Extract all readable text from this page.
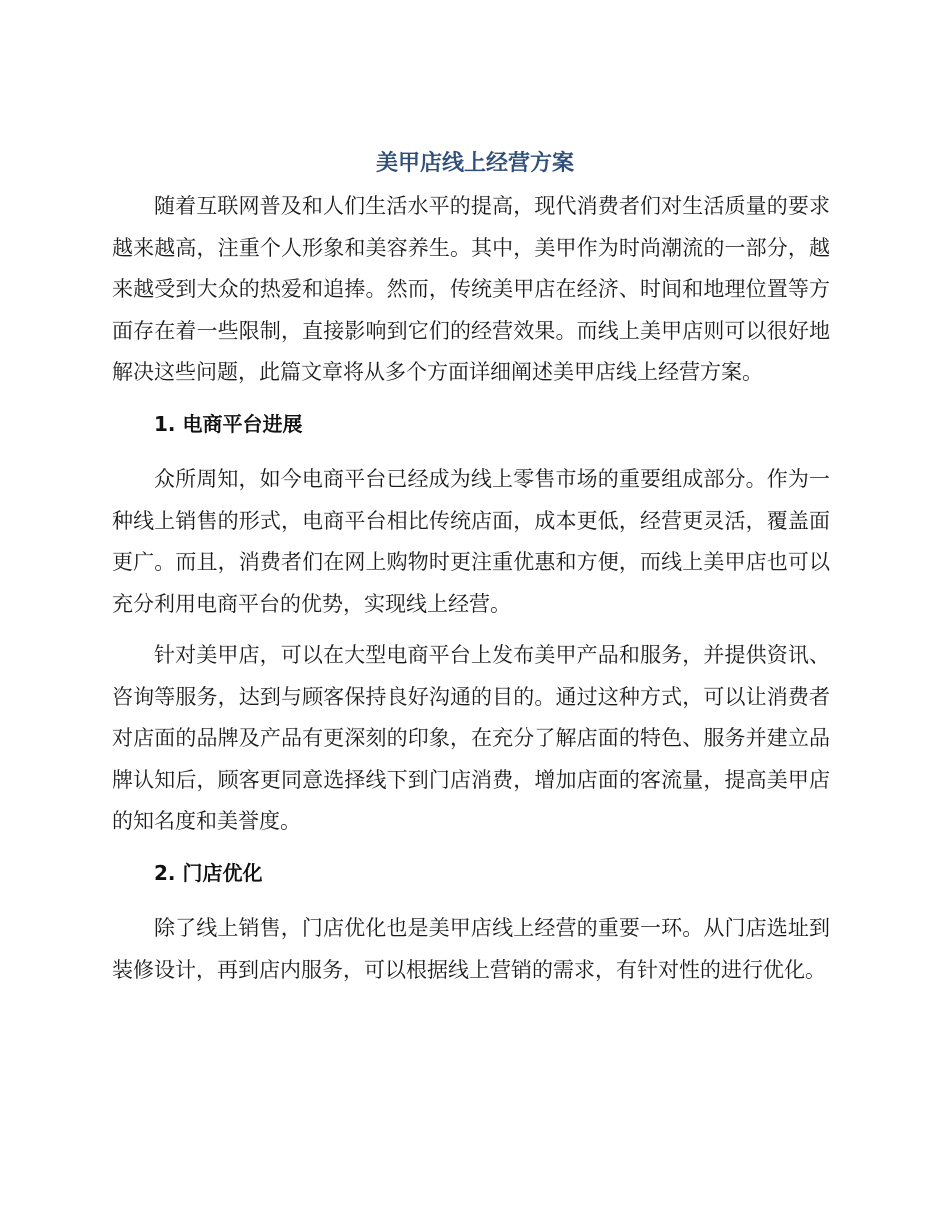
美甲店线上经营方案

随着互联网普及和人们生活水平的提高，现代消费者们对生活质量的要求越来越高，注重个人形象和美容养生。其中，美甲作为时尚潮流的一部分，越来越受到大众的热爱和追捧。然而，传统美甲店在经济、时间和地理位置等方面存在着一些限制，直接影响到它们的经营效果。而线上美甲店则可以很好地解决这些问题，此篇文章将从多个方面详细阐述美甲店线上经营方案。

1. 电商平台进展

众所周知，如今电商平台已经成为线上零售市场的重要组成部分。作为一种线上销售的形式，电商平台相比传统店面，成本更低，经营更灵活，覆盖面更广。而且，消费者们在网上购物时更注重优惠和方便，而线上美甲店也可以充分利用电商平台的优势，实现线上经营。

针对美甲店，可以在大型电商平台上发布美甲产品和服务，并提供资讯、咨询等服务，达到与顾客保持良好沟通的目的。通过这种方式，可以让消费者对店面的品牌及产品有更深刻的印象，在充分了解店面的特色、服务并建立品牌认知后，顾客更同意选择线下到门店消费，增加店面的客流量，提高美甲店的知名度和美誉度。

2. 门店优化

除了线上销售，门店优化也是美甲店线上经营的重要一环。从门店选址到装修设计，再到店内服务，可以根据线上营销的需求，有针对性的进行优化。
